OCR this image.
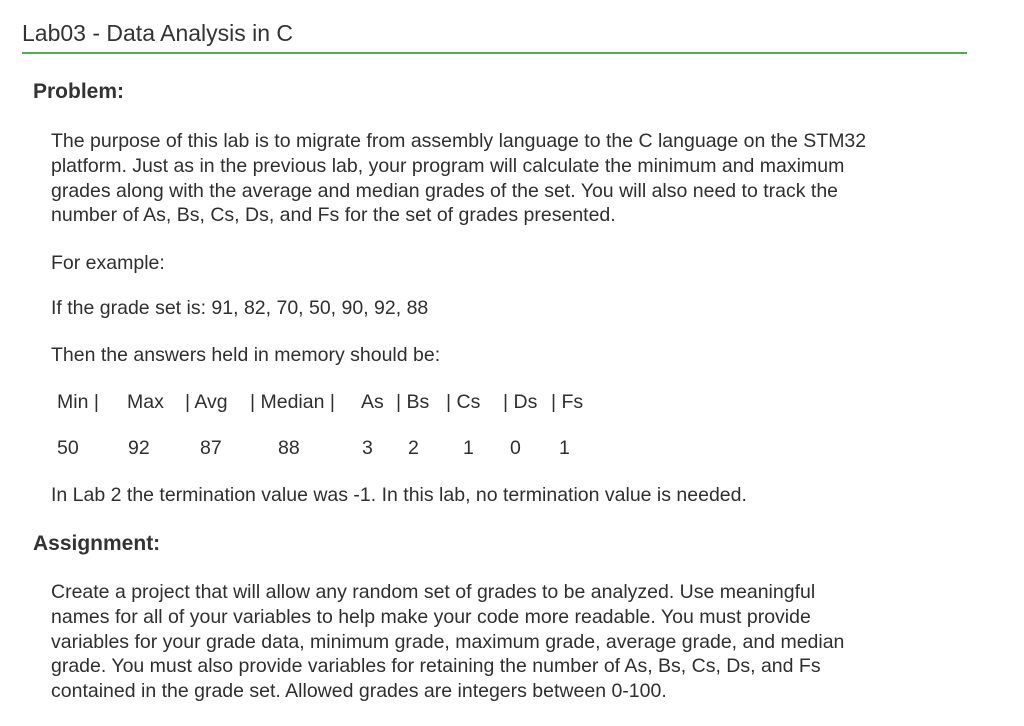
Lab03 - Data Analysis in C
Problem:
The purpose of this lab is to migrate from assembly language to the C language on the STM32
platform. Just as in the previous lab, your program will calculate the minimum and maximum
grades along with the average and median grades of the set. You will also need to track the
number of As, Bs, Cs, Ds, and Fs for the set of grades presented.
For example:
If the grade set is: 91, 82, 70, 50, 90, 92, 88
Then the answers held in memory should be:
Min | Max | Avg | Median | As | Bs | Cs | Ds | Fs
50	92	87	88	3 2 1 0 1
In Lab 2 the termination value was -1. In this lab, no termination value is needed.
Assignment:
Create a project that will allow any random set of grades to be analyzed. Use meaningful
names for all of your variables to help make your code more readable. You must provide
variables for your grade data, minimum grade, maximum grade, average grade, and median
grade. You must also provide variables for retaining the number of As, Bs, Cs, Ds, and Fs
contained in the grade set. Allowed grades are integers between 0-100.
